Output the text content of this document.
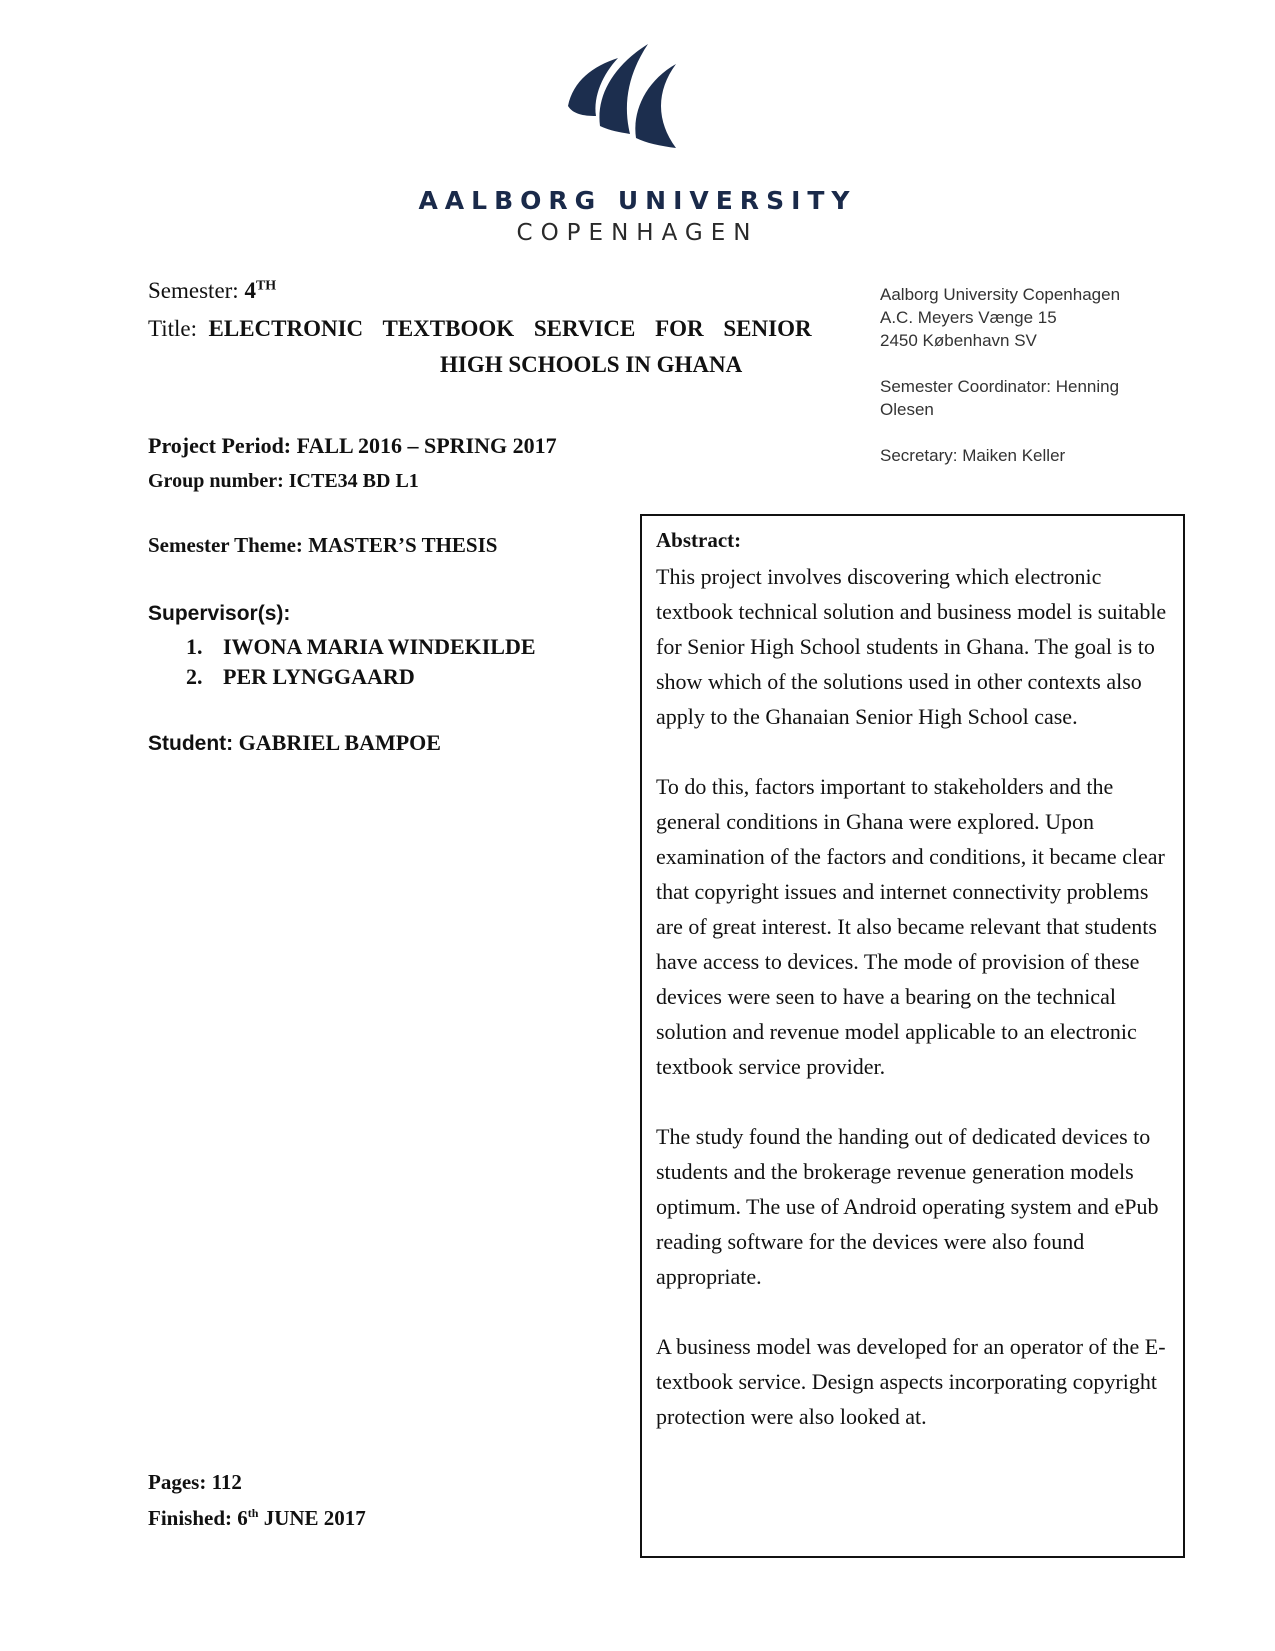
AALBORG UNIVERSITY
COPENHAGEN
Semester: 4TH
Title: ELECTRONIC TEXTBOOK SERVICE FOR SENIOR
HIGH SCHOOLS IN GHANA
Aalborg University Copenhagen
A.C. Meyers Vænge 15
2450 København SV
Semester Coordinator: Henning
Olesen
Secretary: Maiken Keller
Project Period: FALL 2016 – SPRING 2017
Group number: ICTE34 BD L1
Semester Theme: MASTER’S THESIS
Supervisor(s):
1. IWONA MARIA WINDEKILDE
2. PER LYNGGAARD
Student: GABRIEL BAMPOE
Pages: 112
Finished: 6th JUNE 2017
Abstract:

This project involves discovering which electronic textbook technical solution and business model is suitable for Senior High School students in Ghana. The goal is to show which of the solutions used in other contexts also apply to the Ghanaian Senior High School case.

To do this, factors important to stakeholders and the general conditions in Ghana were explored. Upon examination of the factors and conditions, it became clear that copyright issues and internet connectivity problems are of great interest. It also became relevant that students have access to devices. The mode of provision of these devices were seen to have a bearing on the technical solution and revenue model applicable to an electronic textbook service provider.

The study found the handing out of dedicated devices to students and the brokerage revenue generation models optimum. The use of Android operating system and ePub reading software for the devices were also found appropriate.

A business model was developed for an operator of the E-textbook service. Design aspects incorporating copyright protection were also looked at.
